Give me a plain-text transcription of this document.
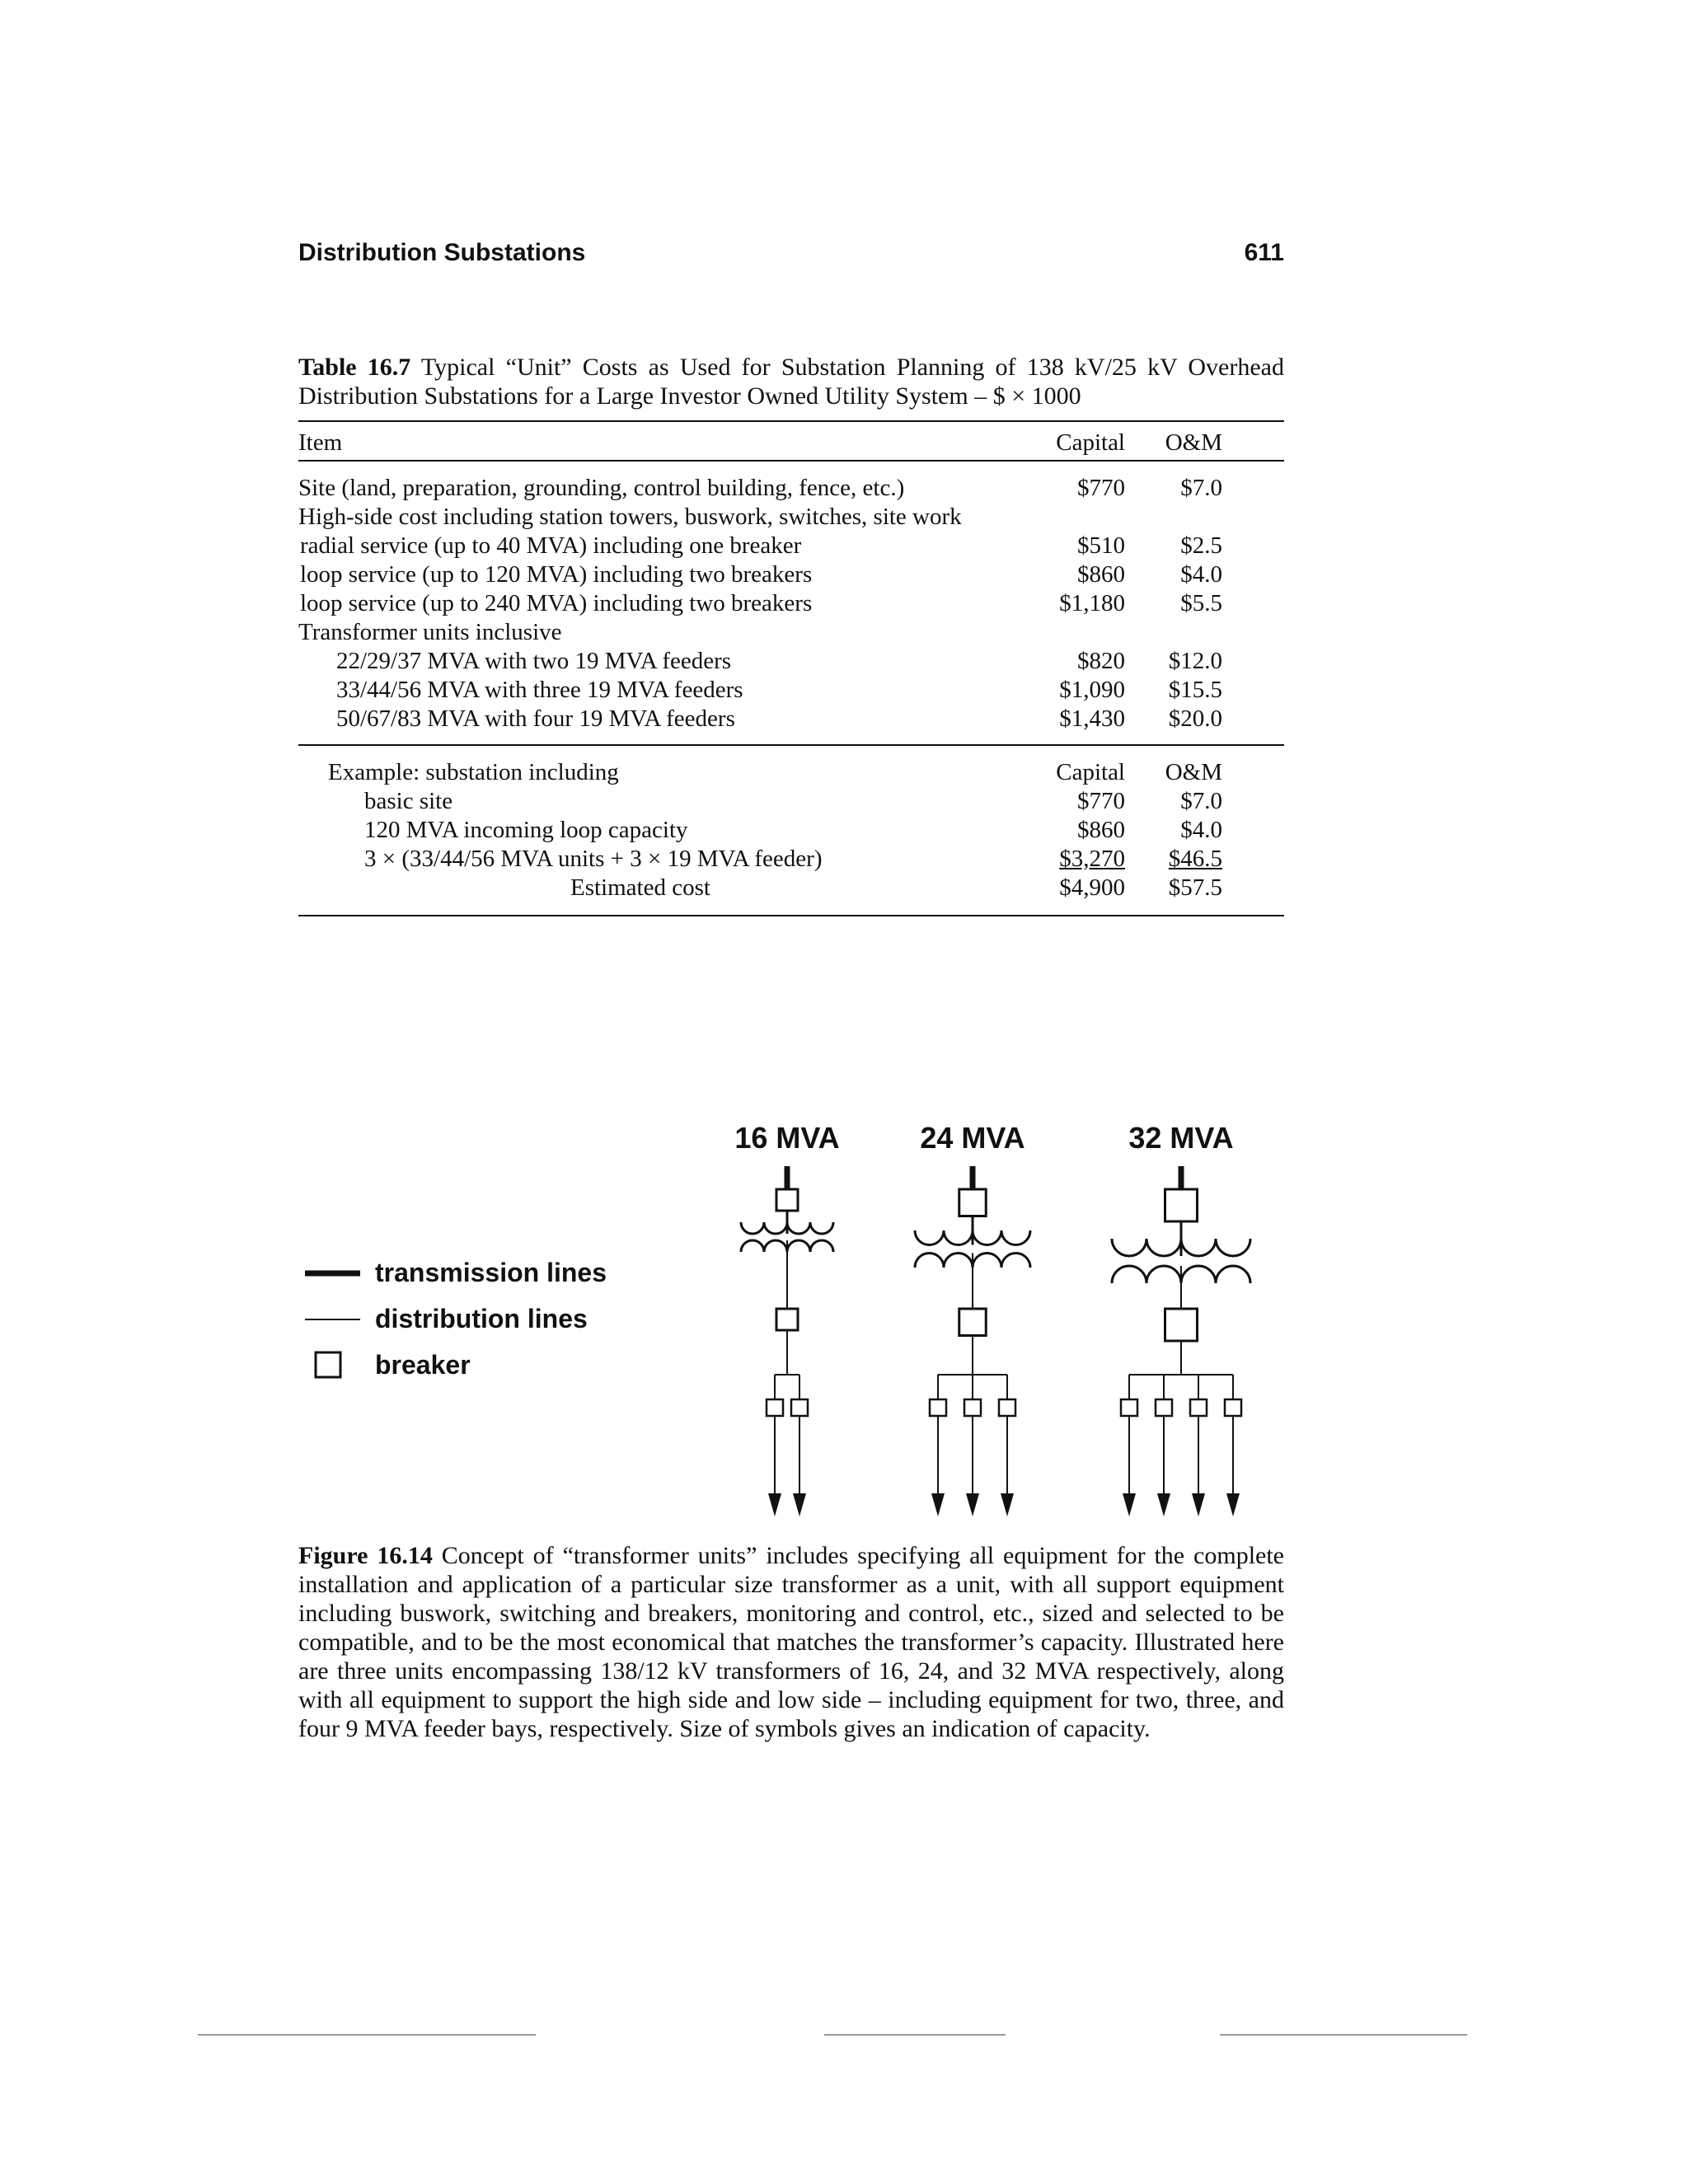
Distribution Substations	611
Table 16.7 Typical “Unit” Costs as Used for Substation Planning of 138 kV/25 kV Overhead Distribution Substations for a Large Investor Owned Utility System – $ × 1000
Item	Capital O&M
Site (land, preparation, grounding, control building, fence, etc.)	$770 $7.0
High-side cost including station towers, buswork, switches, site work
radial service (up to 40 MVA) including one breaker	$510 $2.5
loop service (up to 120 MVA) including two breakers	$860 $4.0
loop service (up to 240 MVA) including two breakers	$1,180 $5.5
Transformer units inclusive
22/29/37 MVA with two 19 MVA feeders	$820 $12.0
33/44/56 MVA with three 19 MVA feeders	$1,090 $15.5
50/67/83 MVA with four 19 MVA feeders	$1,430 $20.0
Example: substation including	Capital O&M
basic site	$770 $7.0
120 MVA incoming loop capacity	$860 $4.0
3 × (33/44/56 MVA units + 3 × 19 MVA feeder)	$3,270 $46.5
Estimated cost	$4,900 $57.5
transmission lines
distribution lines
breaker
16 MVA	24 MVA	32 MVA
Figure 16.14 Concept of “transformer units” includes specifying all equipment for the complete installation and application of a particular size transformer as a unit, with all support equipment including buswork, switching and breakers, monitoring and control, etc., sized and selected to be compatible, and to be the most economical that matches the transformer’s capacity. Illustrated here are three units encompassing 138/12 kV transformers of 16, 24, and 32 MVA respectively, along with all equipment to support the high side and low side – including equipment for two, three, and four 9 MVA feeder bays, respectively. Size of symbols gives an indication of capacity.
